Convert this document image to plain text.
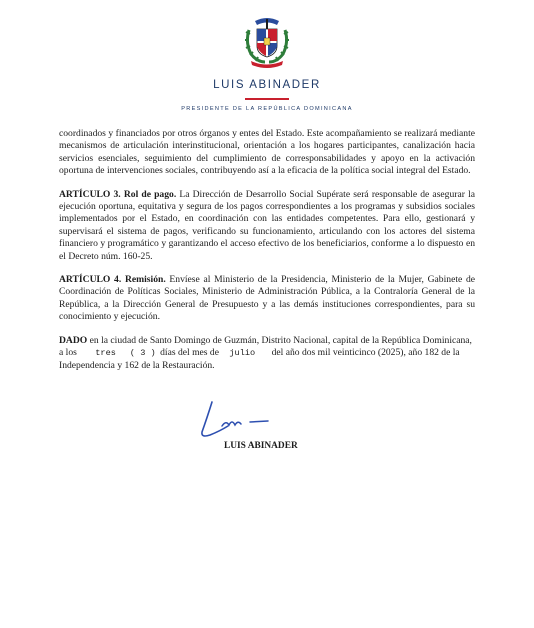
LUIS ABINADER
PRESIDENTE DE LA REPÚBLICA DOMINICANA

coordinados y financiados por otros órganos y entes del Estado. Este acompañamiento se realizará mediante mecanismos de articulación interinstitucional, orientación a los hogares participantes, canalización hacia servicios esenciales, seguimiento del cumplimiento de corresponsabilidades y apoyo en la activación oportuna de intervenciones sociales, contribuyendo así a la eficacia de la política social integral del Estado.

ARTÍCULO 3. Rol de pago. La Dirección de Desarrollo Social Supérate será responsable de asegurar la ejecución oportuna, equitativa y segura de los pagos correspondientes a los programas y subsidios sociales implementados por el Estado, en coordinación con las entidades competentes. Para ello, gestionará y supervisará el sistema de pagos, verificando su funcionamiento, articulando con los actores del sistema financiero y programático y garantizando el acceso efectivo de los beneficiarios, conforme a lo dispuesto en el Decreto núm. 160-25.

ARTÍCULO 4. Remisión. Envíese al Ministerio de la Presidencia, Ministerio de la Mujer, Gabinete de Coordinación de Políticas Sociales, Ministerio de Administración Pública, a la Contraloría General de la República, a la Dirección General de Presupuesto y a las demás instituciones correspondientes, para su conocimiento y ejecución.

DADO en la ciudad de Santo Domingo de Guzmán, Distrito Nacional, capital de la República Dominicana, a los tres ( 3 ) días del mes de julio del año dos mil veinticinco (2025), año 182 de la Independencia y 162 de la Restauración.

LUIS ABINADER
